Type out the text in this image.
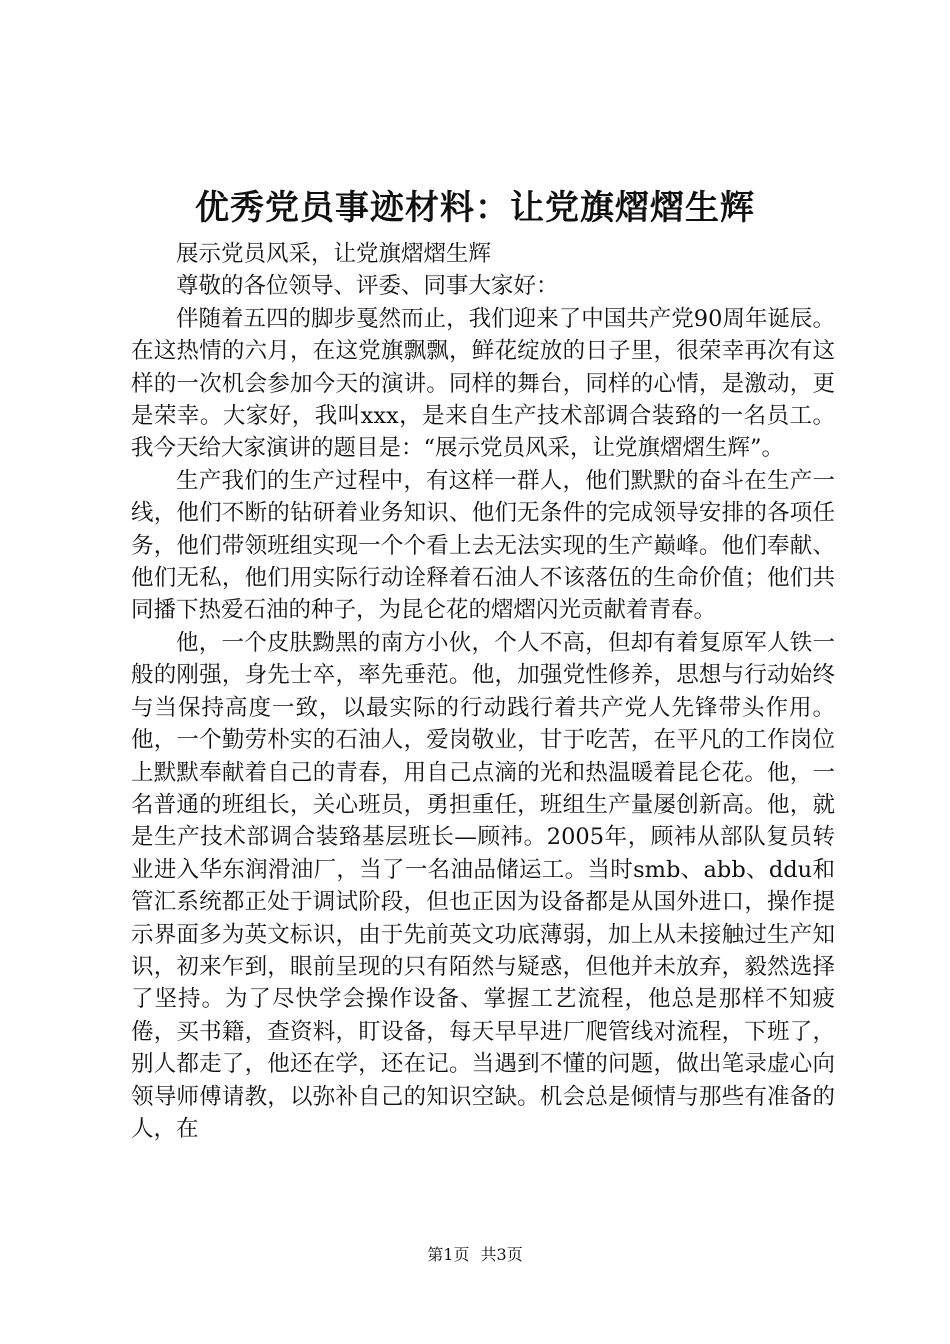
优秀党员事迹材料：让党旗熠熠生辉

展示党员风采，让党旗熠熠生辉

尊敬的各位领导、评委、同事大家好：

伴随着五四的脚步戛然而止，我们迎来了中国共产党90周年诞辰。在这热情的六月，在这党旗飘飘，鲜花绽放的日子里，很荣幸再次有这样的一次机会参加今天的演讲。同样的舞台，同样的心情，是激动，更是荣幸。大家好，我叫xxx，是来自生产技术部调合装臵的一名员工。我今天给大家演讲的题目是：“展示党员风采，让党旗熠熠生辉”。

生产我们的生产过程中，有这样一群人，他们默默的奋斗在生产一线，他们不断的钻研着业务知识、他们无条件的完成领导安排的各项任务，他们带领班组实现一个个看上去无法实现的生产巅峰。他们奉献、他们无私，他们用实际行动诠释着石油人不该落伍的生命价值；他们共同播下热爱石油的种子，为昆仑花的熠熠闪光贡献着青春。

他，一个皮肤黝黑的南方小伙，个人不高，但却有着复原军人铁一般的刚强，身先士卒，率先垂范。他，加强党性修养，思想与行动始终与当保持高度一致，以最实际的行动践行着共产党人先锋带头作用。他，一个勤劳朴实的石油人，爱岗敬业，甘于吃苦，在平凡的工作岗位上默默奉献着自己的青春，用自己点滴的光和热温暖着昆仑花。他，一名普通的班组长，关心班员，勇担重任，班组生产量屡创新高。他，就是生产技术部调合装臵基层班长—顾袆。2005年，顾袆从部队复员转业进入华东润滑油厂，当了一名油品储运工。当时smb、abb、ddu和管汇系统都正处于调试阶段，但也正因为设备都是从国外进口，操作提示界面多为英文标识，由于先前英文功底薄弱，加上从未接触过生产知识，初来乍到，眼前呈现的只有陌然与疑惑，但他并未放弃，毅然选择了坚持。为了尽快学会操作设备、掌握工艺流程，他总是那样不知疲倦，买书籍，查资料，盯设备，每天早早进厂爬管线对流程，下班了，别人都走了，他还在学，还在记。当遇到不懂的问题，做出笔录虚心向领导师傅请教，以弥补自己的知识空缺。机会总是倾情与那些有准备的人，在

第1页 共3页
